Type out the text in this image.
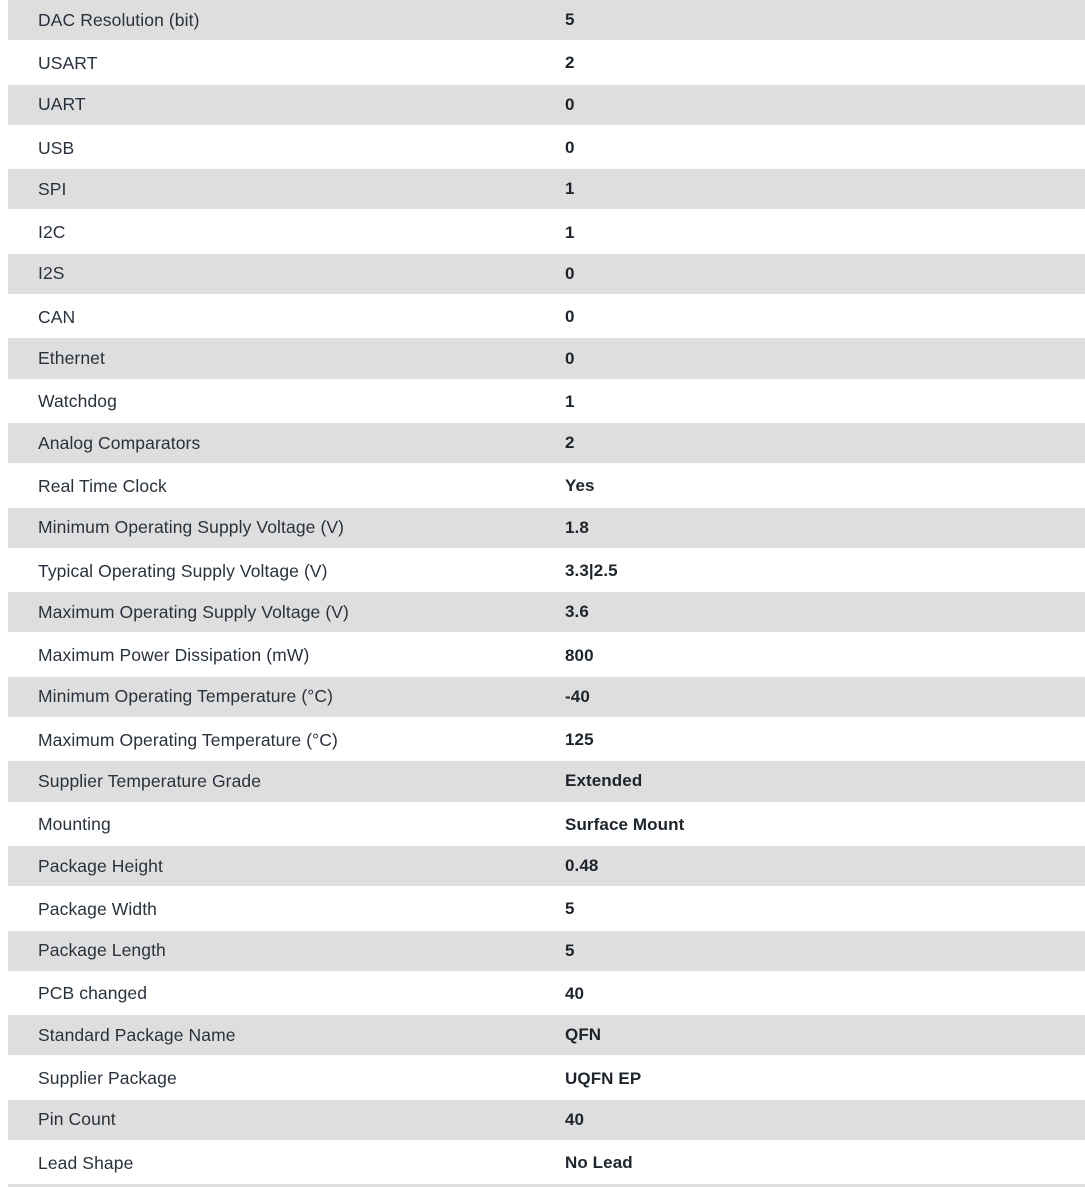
DAC Resolution (bit)	5
USART	2
UART	0
USB	0
SPI	1
I2C	1
I2S	0
CAN	0
Ethernet	0
Watchdog	1
Analog Comparators	2
Real Time Clock	Yes
Minimum Operating Supply Voltage (V)	1.8
Typical Operating Supply Voltage (V)	3.3|2.5
Maximum Operating Supply Voltage (V)	3.6
Maximum Power Dissipation (mW)	800
Minimum Operating Temperature (°C)	-40
Maximum Operating Temperature (°C)	125
Supplier Temperature Grade	Extended
Mounting	Surface Mount
Package Height	0.48
Package Width	5
Package Length	5
PCB changed	40
Standard Package Name	QFN
Supplier Package	UQFN EP
Pin Count	40
Lead Shape	No Lead
